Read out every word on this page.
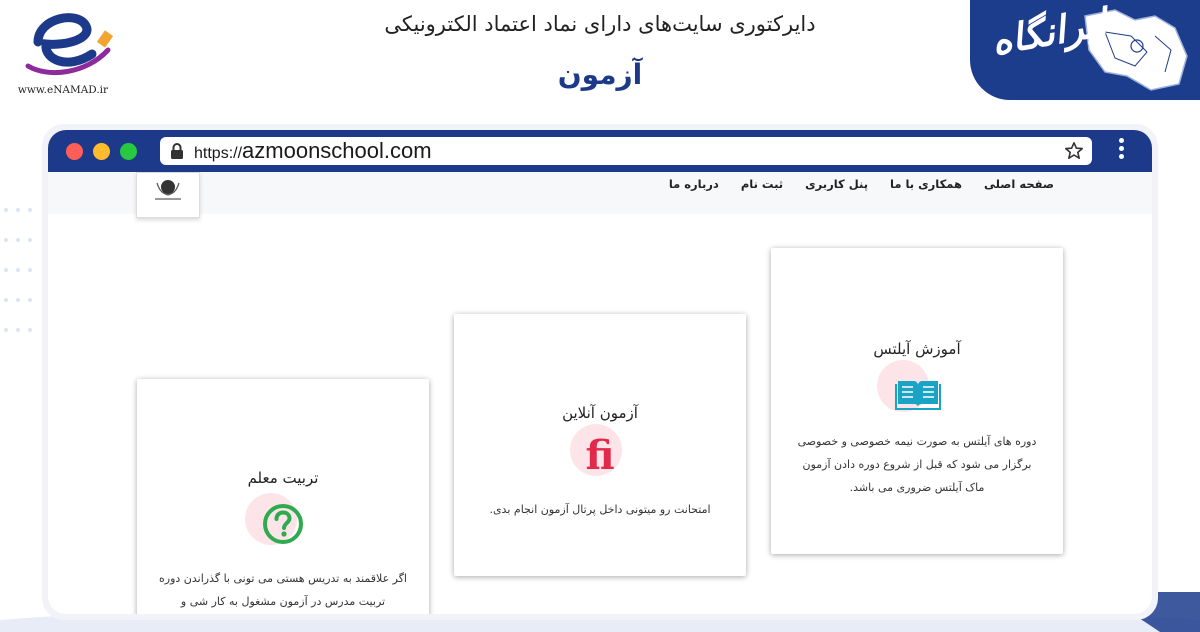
www.eNAMAD.ir
دایرکتوری سایت‌های دارای نماد اعتماد الکترونیکی
آزمون
ایرانگاه
https://azmoonschool.com
صفحه اصلی
همکاری با ما
پنل کاربری
ثبت نام
درباره ما
آموزش آیلتس
دوره های آیلتس به صورت نیمه خصوصی و خصوصی برگزار می شود که قبل از شروع دوره دادن آزمون ماک آیلتس ضروری می باشد.
آزمون آنلاین
fi
امتحانت رو میتونی داخل پرتال آزمون انجام بدی.
تربیت معلم
اگر علاقمند به تدریس هستی می تونی با گذراندن دوره تربیت مدرس در آزمون مشغول به کار شی و
